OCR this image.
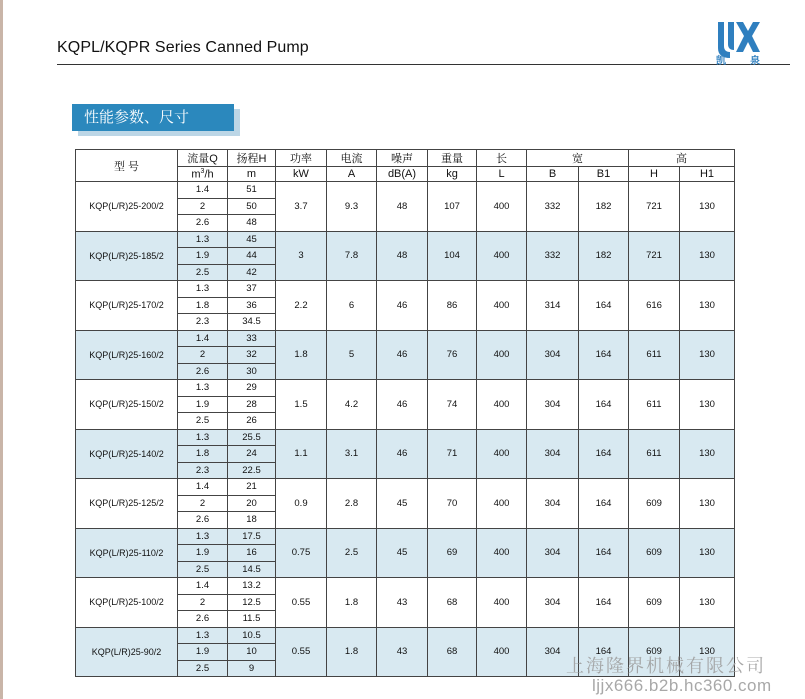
KQPL/KQPR Series Canned Pump
凯 泉
性能参数、尺寸
型 号	流量Q	扬程H	功率	电流	噪声	重量	长	宽		高	
	$m^3/h$	m	kW	A	dB(A)	kg	L	B	B1	H	H1
KQP(L/R)25-200/2	1.4	51	3.7	9.3	48	107	400	332	182	721	130
	2	50									
	2.6	48									
KQP(L/R)25-185/2	1.3	45	3	7.8	48	104	400	332	182	721	130
	1.9	44									
	2.5	42									
KQP(L/R)25-170/2	1.3	37	2.2	6	46	86	400	314	164	616	130
	1.8	36									
	2.3	34.5									
KQP(L/R)25-160/2	1.4	33	1.8	5	46	76	400	304	164	611	130
	2	32									
	2.6	30									
KQP(L/R)25-150/2	1.3	29	1.5	4.2	46	74	400	304	164	611	130
	1.9	28									
	2.5	26									
KQP(L/R)25-140/2	1.3	25.5	1.1	3.1	46	71	400	304	164	611	130
	1.8	24									
	2.3	22.5									
KQP(L/R)25-125/2	1.4	21	0.9	2.8	45	70	400	304	164	609	130
	2	20									
	2.6	18									
KQP(L/R)25-110/2	1.3	17.5	0.75	2.5	45	69	400	304	164	609	130
	1.9	16									
	2.5	14.5									
KQP(L/R)25-100/2	1.4	13.2	0.55	1.8	43	68	400	304	164	609	130
	2	12.5									
	2.6	11.5									
KQP(L/R)25-90/2	1.3	10.5	0.55	1.8	43	68	400	304	164	609	130
	1.9	10									
	2.5	9										上海隆界机械有限公司
ljjx666.b2b.hc360.com
